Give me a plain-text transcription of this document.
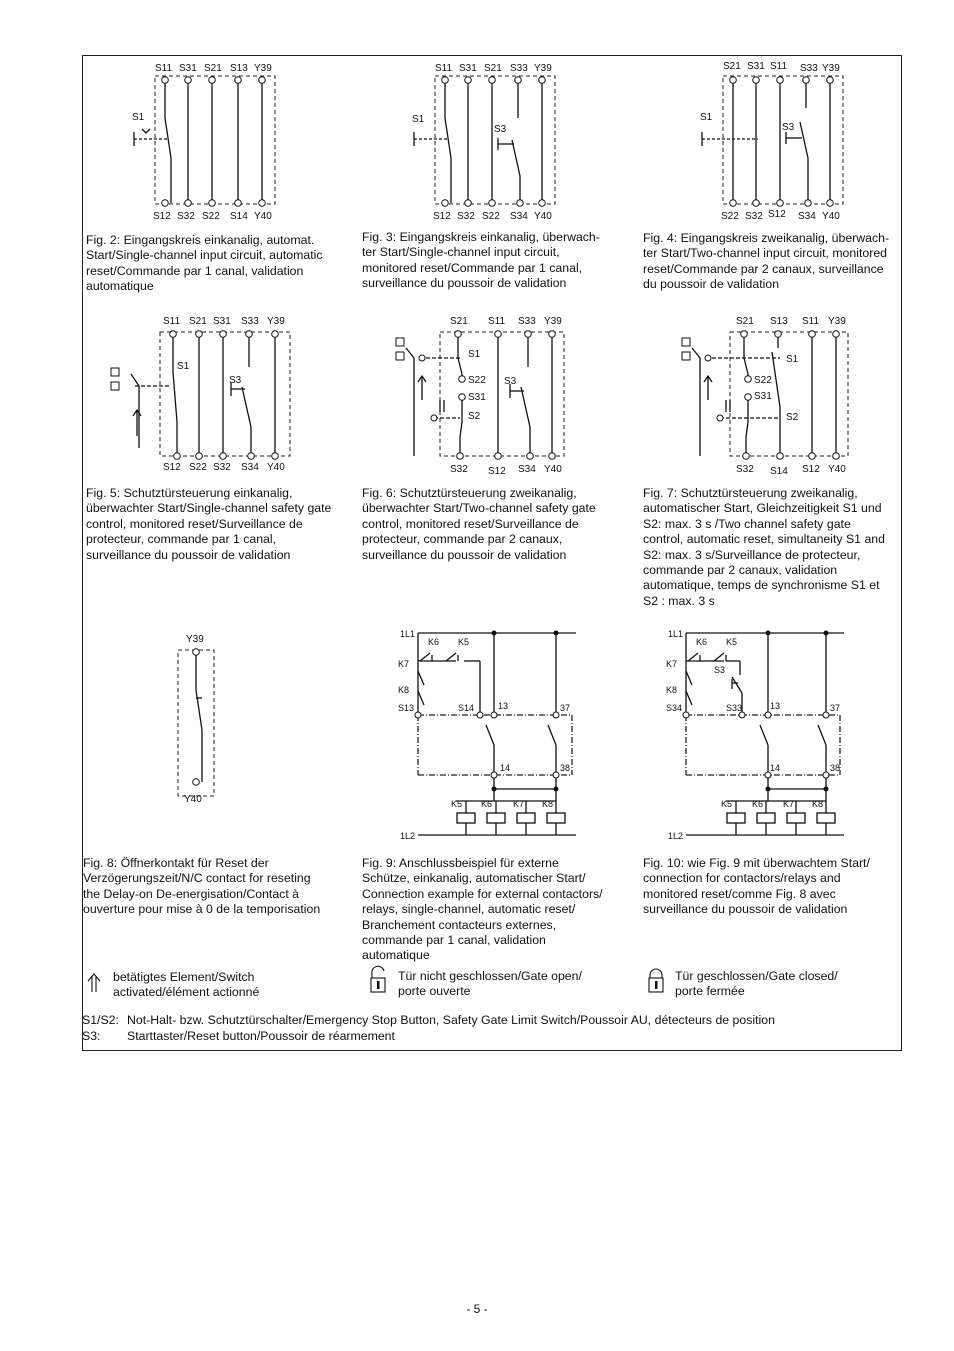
S11 S31 S21 S13 Y39
S12 S32 S22 S14 Y40
S1
Fig. 2: Eingangskreis einkanalig, automat.
Start/Single-channel input circuit, automatic
reset/Commande par 1 canal, validation
automatique
S11 S31 S21 S33 Y39
S12 S32 S22 S34 Y40
S1
S3
Fig. 3: Eingangskreis einkanalig, überwach-
ter Start/Single-channel input circuit,
monitored reset/Commande par 1 canal,
surveillance du poussoir de validation
S21 S31 S11 S33 Y39
S22 S32 S12 S34 Y40
S1
S3
Fig. 4: Eingangskreis zweikanalig, überwach-
ter Start/Two-channel input circuit, monitored
reset/Commande par 2 canaux, surveillance
du poussoir de validation
S11 S21 S31 S33 Y39
S12 S22 S32 S34 Y40
S1
S3
Fig. 5: Schutztürsteuerung einkanalig,
überwachter Start/Single-channel safety gate
control, monitored reset/Surveillance de
protecteur, commande par 1 canal,
surveillance du poussoir de validation
S21 S11 S33 Y39
S32 S12 S34 Y40
S1
S22
S31
S2
S3
Fig. 6: Schutztürsteuerung zweikanalig,
überwachter Start/Two-channel safety gate
control, monitored reset/Surveillance de
protecteur, commande par 2 canaux,
surveillance du poussoir de validation
S21 S13 S11 Y39
S32 S14 S12 Y40
S1
S22
S31
S2
Fig. 7: Schutztürsteuerung zweikanalig,
automatischer Start, Gleichzeitigkeit S1 und
S2: max. 3 s /Two channel safety gate
control, automatic reset, simultaneity S1 and
S2: max. 3 s/Surveillance de protecteur,
commande par 2 canaux, validation
automatique, temps de synchronisme S1 et
S2 : max. 3 s
Y39
Y40
Fig. 8: Öffnerkontakt für Reset der
Verzögerungszeit/N/C contact for reseting
the Delay-on De-energisation/Contact à
ouverture pour mise à 0 de la temporisation
1L1
1L2
K6 K5
K7
K8
S13	S14	13	37
14	38
K5 K6 K7 K8
Fig. 9: Anschlussbeispiel für externe
Schütze, einkanalig, automatischer Start/
Connection example for external contactors/
relays, single-channel, automatic reset/
Branchement contacteurs externes,
commande par 1 canal, validation
automatique
1L1
1L2
K6 K5
K7
K8
S3
S34	S33	13	37
14	38
K5 K6 K7 K8
Fig. 10: wie Fig. 9 mit überwachtem Start/
connection for contactors/relays and
monitored reset/comme Fig. 8 avec
surveillance du poussoir de validation
betätigtes Element/Switch
activated/élément actionné
Tür nicht geschlossen/Gate open/
porte ouverte
Tür geschlossen/Gate closed/
porte fermée
S1/S2: Not-Halt- bzw. Schutztürschalter/Emergency Stop Button, Safety Gate Limit Switch/Poussoir AU, détecteurs de position
S3:	Starttaster/Reset button/Poussoir de réarmement
- 5 -
